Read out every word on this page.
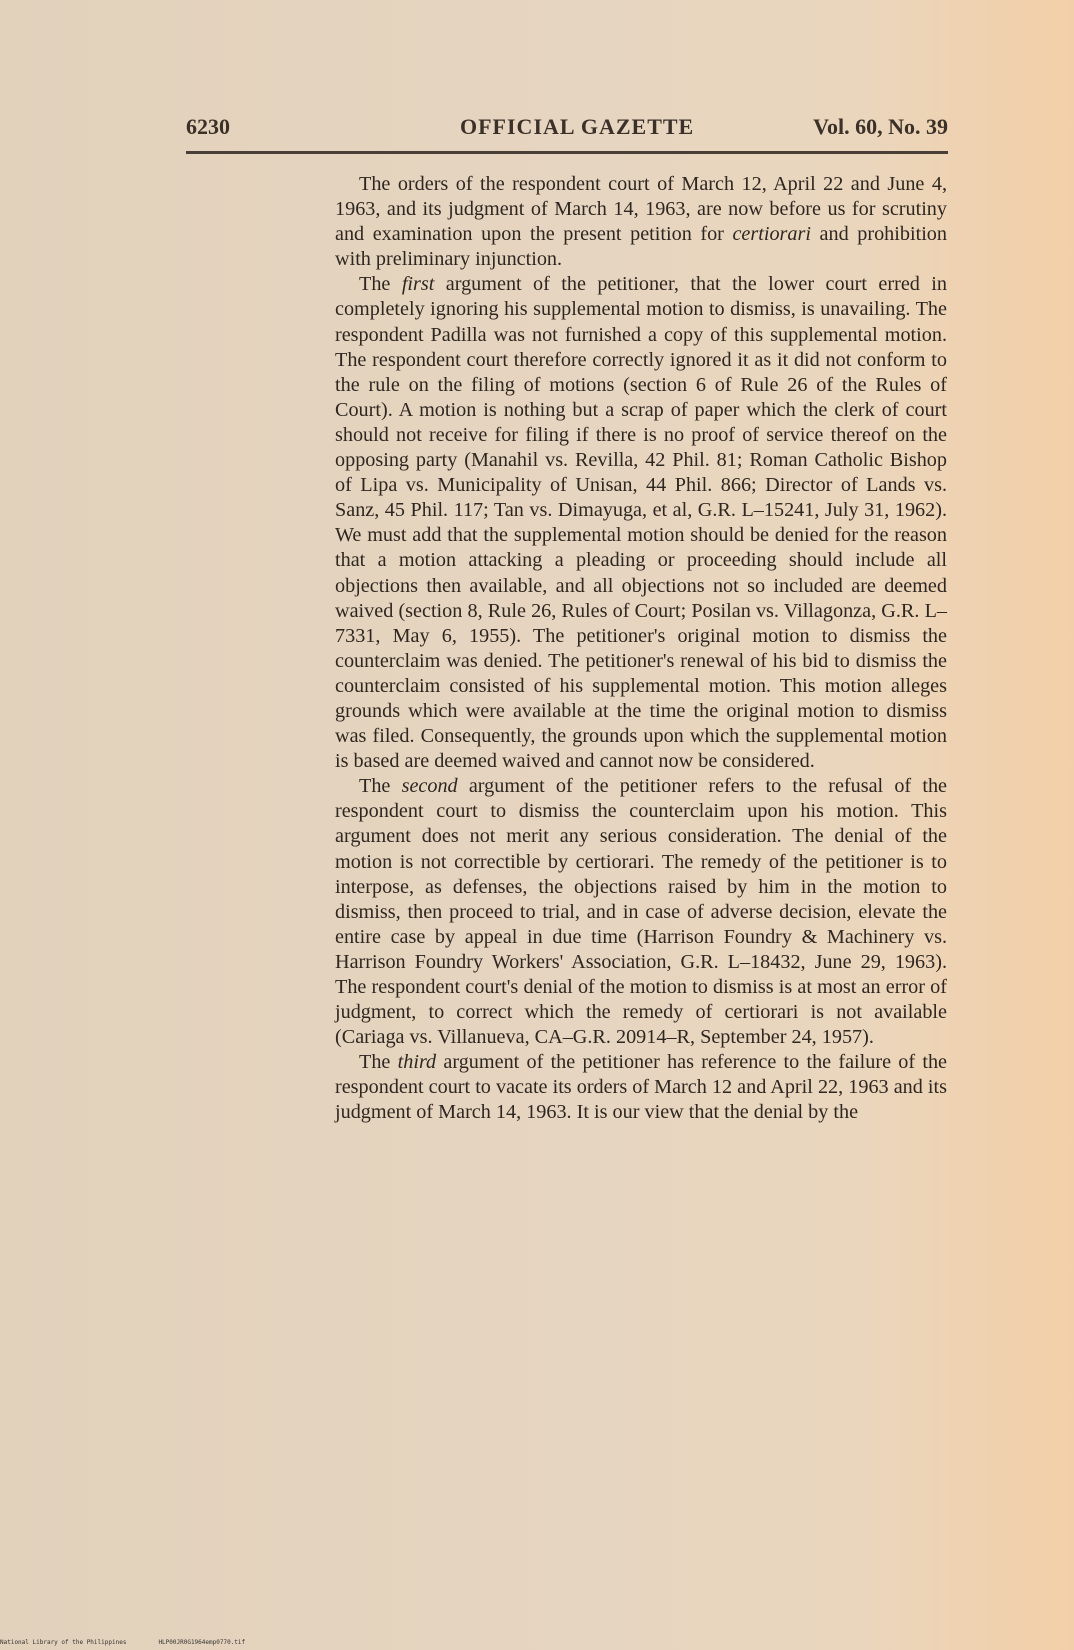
6230	OFFICIAL GAZETTE	Vol. 60, No. 39

The orders of the respondent court of March 12, April 22 and June 4, 1963, and its judgment of March 14, 1963, are now before us for scrutiny and examination upon the present petition for certiorari and prohibition with preliminary injunction.

The first argument of the petitioner, that the lower court erred in completely ignoring his supplemental motion to dismiss, is unavailing. The respondent Padilla was not furnished a copy of this supplemental motion. The respondent court therefore correctly ignored it as it did not conform to the rule on the filing of motions (section 6 of Rule 26 of the Rules of Court). A motion is nothing but a scrap of paper which the clerk of court should not receive for filing if there is no proof of service thereof on the opposing party (Manahil vs. Revilla, 42 Phil. 81; Roman Catholic Bishop of Lipa vs. Municipality of Unisan, 44 Phil. 866; Director of Lands vs. Sanz, 45 Phil. 117; Tan vs. Dimayuga, et al, G.R. L–15241, July 31, 1962). We must add that the supplemental motion should be denied for the reason that a motion attacking a pleading or proceeding should include all objections then available, and all objections not so included are deemed waived (section 8, Rule 26, Rules of Court; Posilan vs. Villagonza, G.R. L–7331, May 6, 1955). The petitioner's original motion to dismiss the counterclaim was denied. The petitioner's renewal of his bid to dismiss the counterclaim consisted of his supplemental motion. This motion alleges grounds which were available at the time the original motion to dismiss was filed. Consequently, the grounds upon which the supplemental motion is based are deemed waived and cannot now be considered.

The second argument of the petitioner refers to the refusal of the respondent court to dismiss the counterclaim upon his motion. This argument does not merit any serious consideration. The denial of the motion is not correctible by certiorari. The remedy of the petitioner is to interpose, as defenses, the objections raised by him in the motion to dismiss, then proceed to trial, and in case of adverse decision, elevate the entire case by appeal in due time (Harrison Foundry & Machinery vs. Harrison Foundry Workers' Association, G.R. L–18432, June 29, 1963). The respondent court's denial of the motion to dismiss is at most an error of judgment, to correct which the remedy of certiorari is not available (Cariaga vs. Villanueva, CA–G.R. 20914–R, September 24, 1957).

The third argument of the petitioner has reference to the failure of the respondent court to vacate its orders of March 12 and April 22, 1963 and its judgment of March 14, 1963. It is our view that the denial by the

National Library of the Philippines	HLP00JR0G1964emp0770.tif
